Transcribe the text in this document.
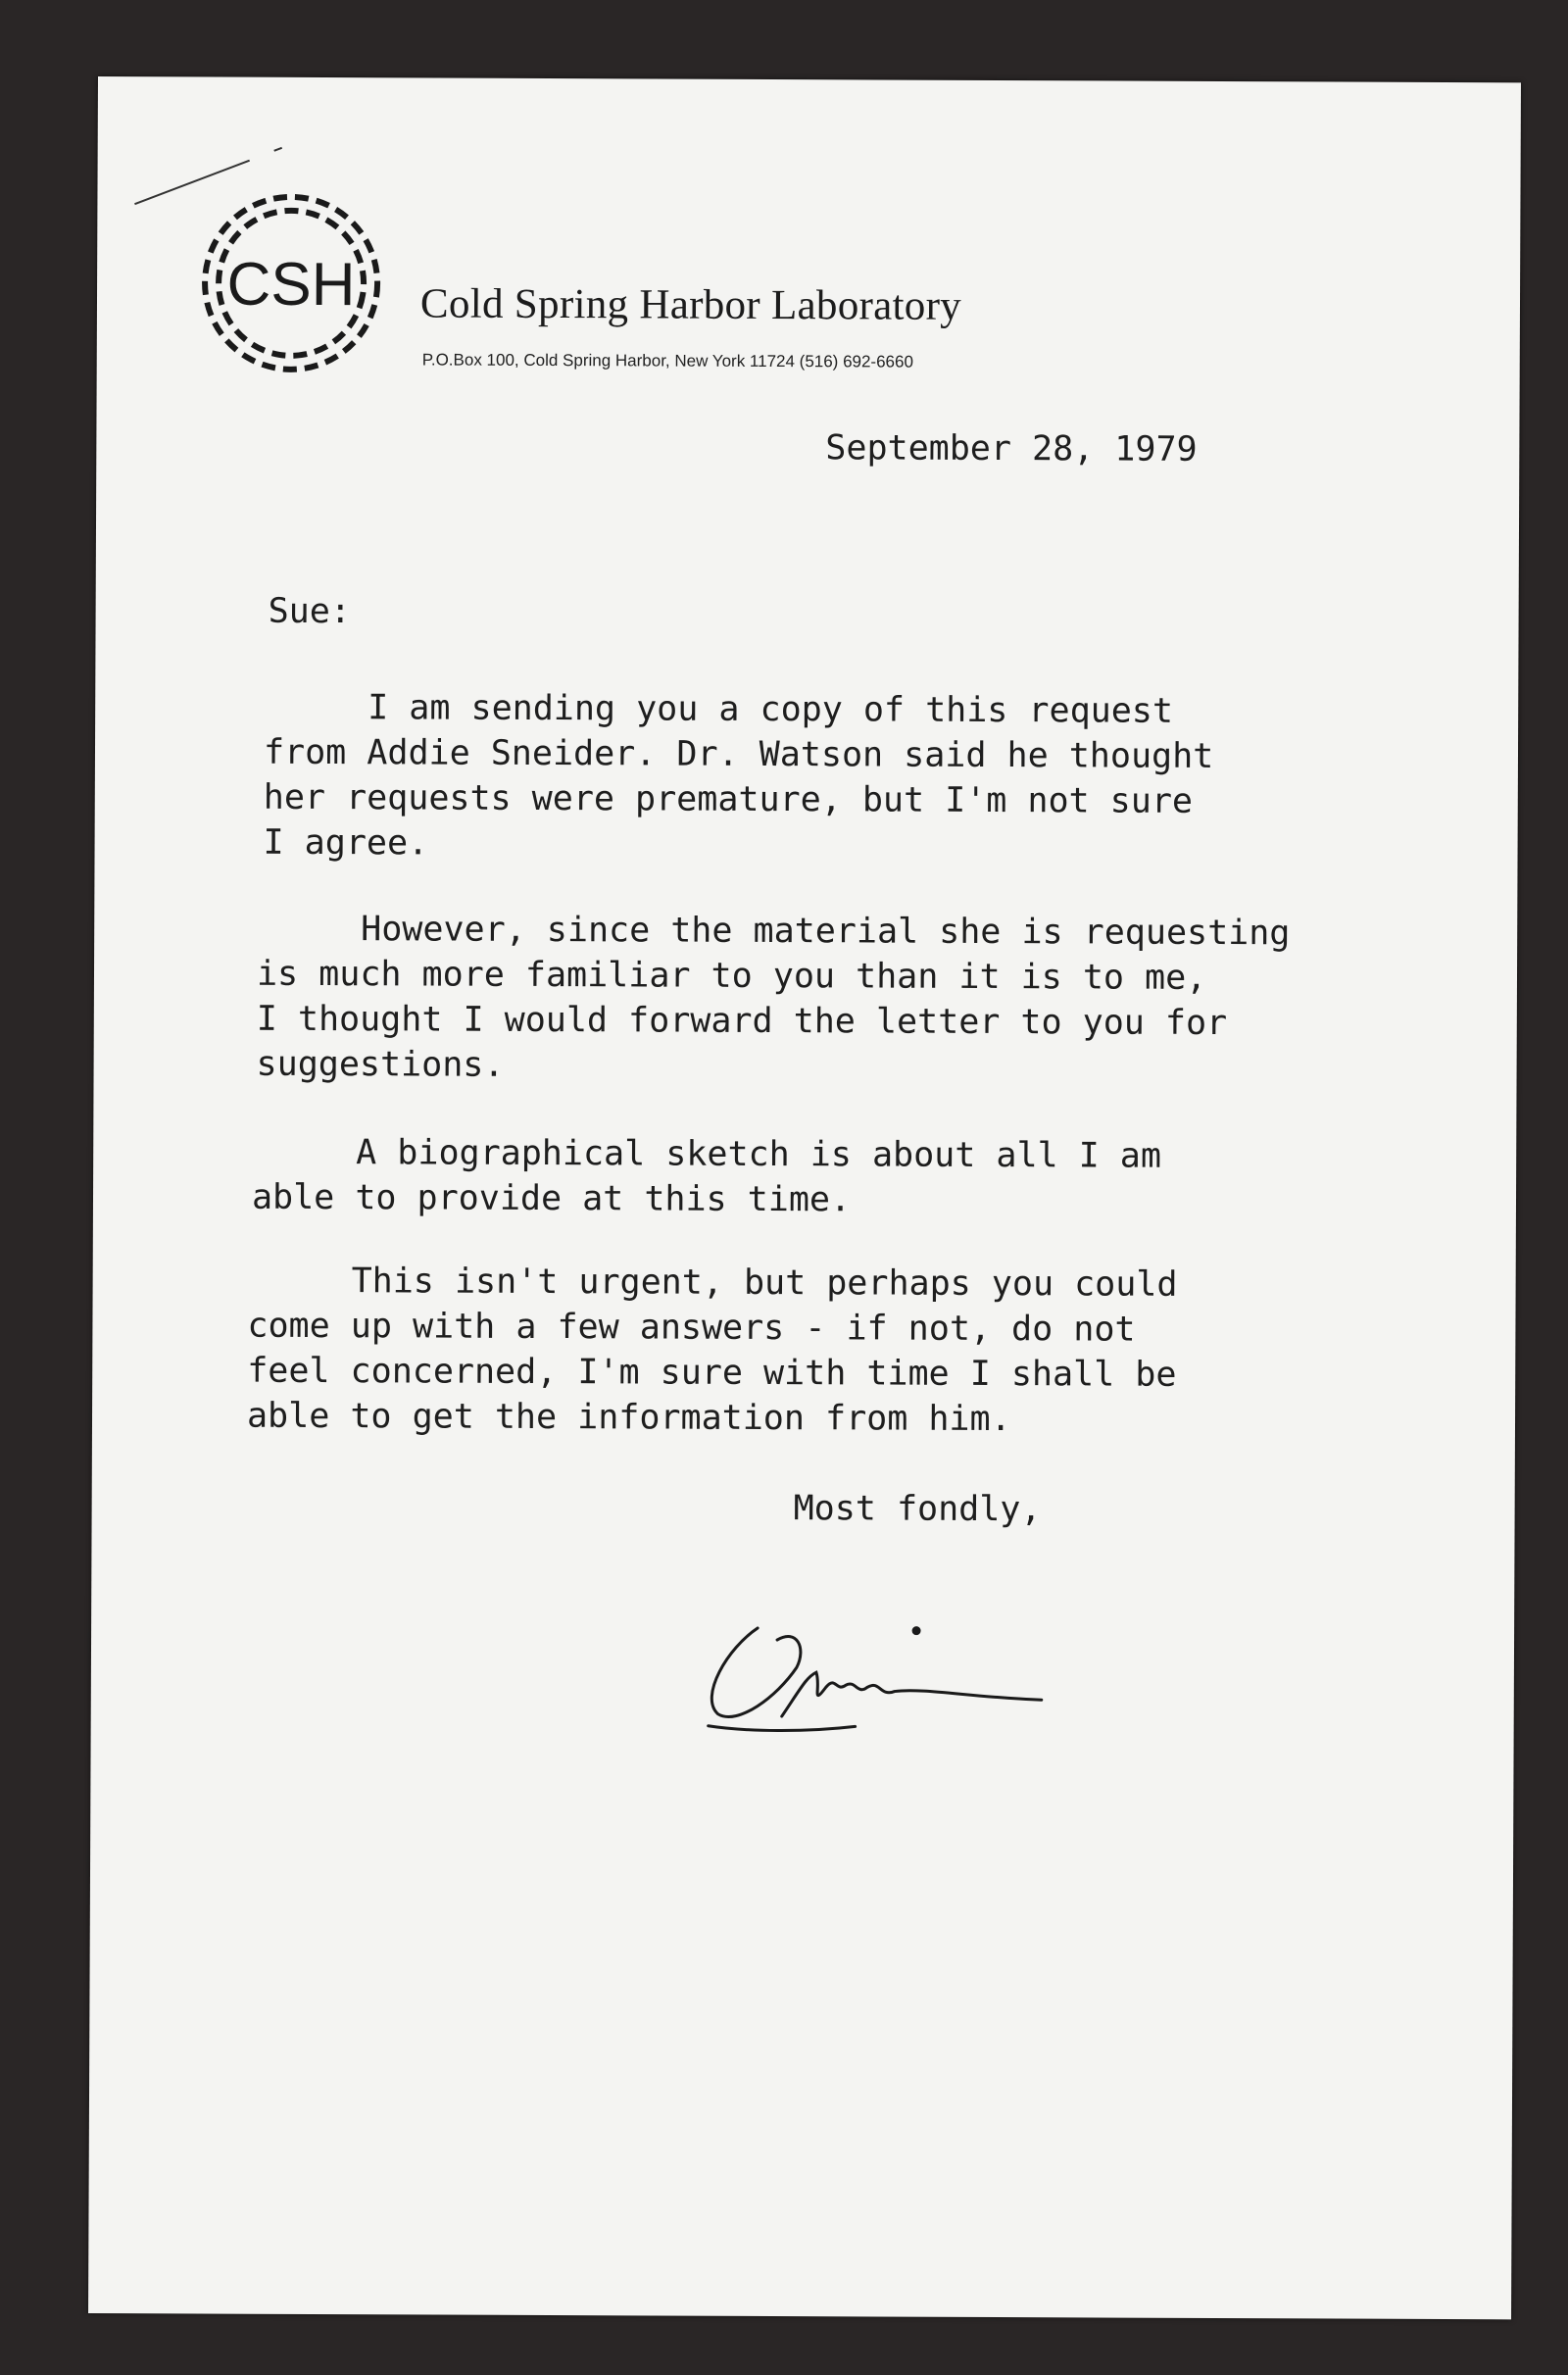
CSH Cold Spring Harbor Laboratory
P.O.Box 100, Cold Spring Harbor, New York 11724 (516) 692-6660
September 28, 1979
Sue:

I am sending you a copy of this request

from Addie Sneider. Dr. Watson said he thought

her requests were premature, but I'm not sure

I agree.

However, since the material she is requesting

is much more familiar to you than it is to me,

I thought I would forward the letter to you for

suggestions.

A biographical sketch is about all I am

able to provide at this time.

This isn't urgent, but perhaps you could

come up with a few answers - if not, do not

feel concerned, I'm sure with time I shall be

able to get the information from him.

Most fondly,
